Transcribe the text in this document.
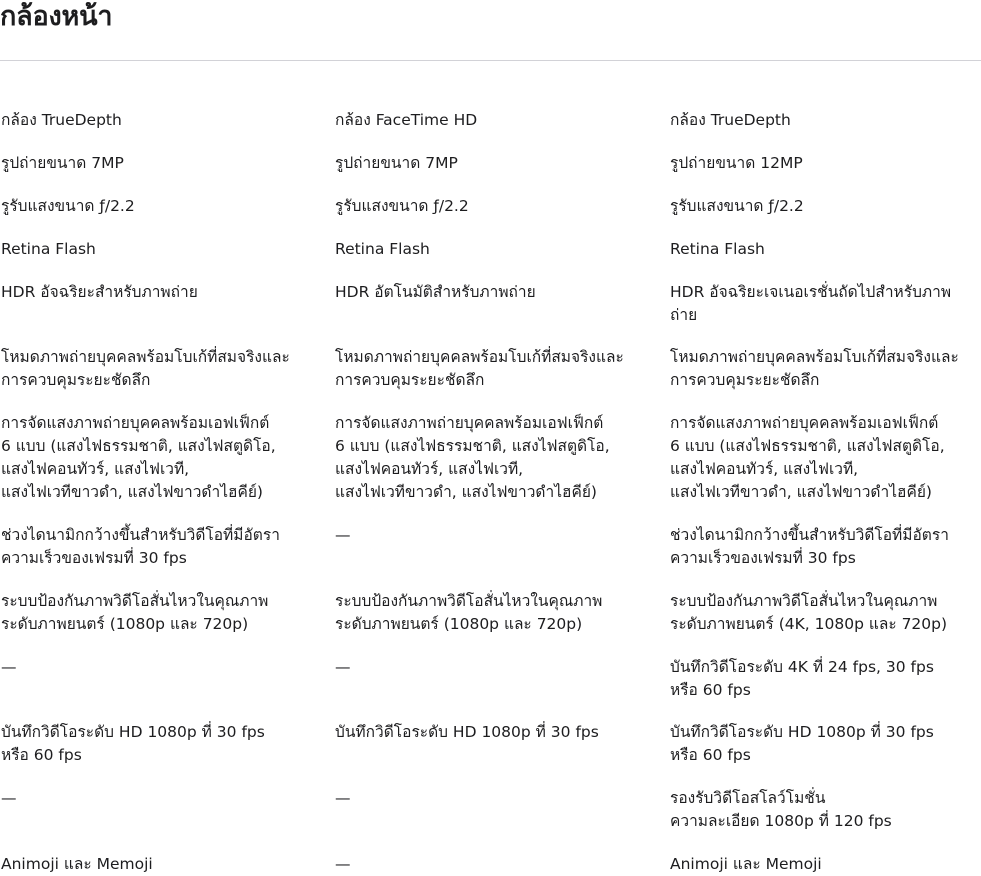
กล้องหน้า
กล้อง TrueDepth
รูปถ่ายขนาด 7MP
รูรับแสงขนาด ƒ/2.2
Retina Flash
HDR อัจฉริยะสำหรับภาพถ่าย
โหมดภาพถ่ายบุคคลพร้อมโบเก้ที่สมจริงและ
การควบคุมระยะชัดลึก
การจัดแสงภาพถ่ายบุคคลพร้อมเอฟเฟ็กต์
6 แบบ (แสงไฟธรรมชาติ, แสงไฟสตูดิโอ,
แสงไฟคอนทัวร์, แสงไฟเวที,
แสงไฟเวทีขาวดำ, แสงไฟขาวดำไฮคีย์)
ช่วงไดนามิกกว้างขึ้นสำหรับวิดีโอที่มีอัตรา
ความเร็วของเฟรมที่ 30 fps
ระบบป้องกันภาพวิดีโอสั่นไหวในคุณภาพ
ระดับภาพยนตร์ (1080p และ 720p)
—
บันทึกวิดีโอระดับ HD 1080p ที่ 30 fps
หรือ 60 fps
—
Animoji และ Memoji
กล้อง FaceTime HD
รูปถ่ายขนาด 7MP
รูรับแสงขนาด ƒ/2.2
Retina Flash
HDR อัตโนมัติสำหรับภาพถ่าย
โหมดภาพถ่ายบุคคลพร้อมโบเก้ที่สมจริงและ
การควบคุมระยะชัดลึก
การจัดแสงภาพถ่ายบุคคลพร้อมเอฟเฟ็กต์
6 แบบ (แสงไฟธรรมชาติ, แสงไฟสตูดิโอ,
แสงไฟคอนทัวร์, แสงไฟเวที,
แสงไฟเวทีขาวดำ, แสงไฟขาวดำไฮคีย์)
—
ระบบป้องกันภาพวิดีโอสั่นไหวในคุณภาพ
ระดับภาพยนตร์ (1080p และ 720p)
—
บันทึกวิดีโอระดับ HD 1080p ที่ 30 fps
—
—
กล้อง TrueDepth
รูปถ่ายขนาด 12MP
รูรับแสงขนาด ƒ/2.2
Retina Flash
HDR อัจฉริยะเจเนอเรชั่นถัดไปสำหรับภาพ
ถ่าย
โหมดภาพถ่ายบุคคลพร้อมโบเก้ที่สมจริงและ
การควบคุมระยะชัดลึก
การจัดแสงภาพถ่ายบุคคลพร้อมเอฟเฟ็กต์
6 แบบ (แสงไฟธรรมชาติ, แสงไฟสตูดิโอ,
แสงไฟคอนทัวร์, แสงไฟเวที,
แสงไฟเวทีขาวดำ, แสงไฟขาวดำไฮคีย์)
ช่วงไดนามิกกว้างขึ้นสำหรับวิดีโอที่มีอัตรา
ความเร็วของเฟรมที่ 30 fps
ระบบป้องกันภาพวิดีโอสั่นไหวในคุณภาพ
ระดับภาพยนตร์ (4K, 1080p และ 720p)
บันทึกวิดีโอระดับ 4K ที่ 24 fps, 30 fps
หรือ 60 fps
บันทึกวิดีโอระดับ HD 1080p ที่ 30 fps
หรือ 60 fps
รองรับวิดีโอสโลว์โมชั่น
ความละเอียด 1080p ที่ 120 fps
Animoji และ Memoji
